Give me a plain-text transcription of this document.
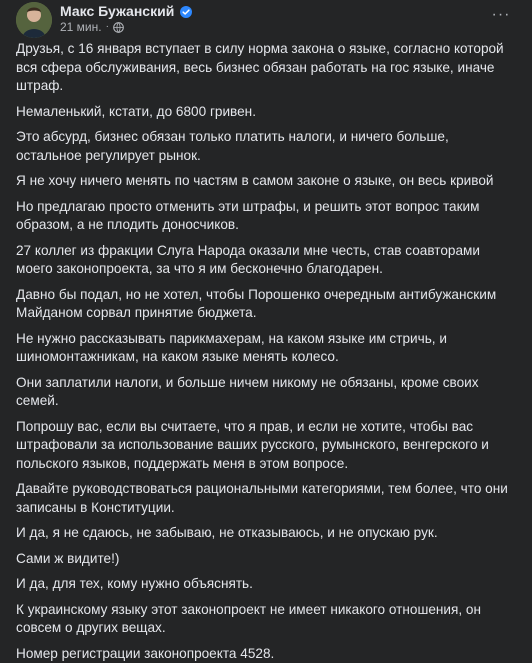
Макс Бужанский
21 мин. ·
···

Друзья, с 16 января вступает в силу норма закона о языке, согласно которой вся сфера обслуживания, весь бизнес обязан работать на гос языке, иначе штраф.

Немаленький, кстати, до 6800 гривен.

Это абсурд, бизнес обязан только платить налоги, и ничего больше, остальное регулирует рынок.

Я не хочу ничего менять по частям в самом законе о языке, он весь кривой

Но предлагаю просто отменить эти штрафы, и решить этот вопрос таким образом, а не плодить доносчиков.

27 коллег из фракции Слуга Народа оказали мне честь, став соавторами моего законопроекта, за что я им бесконечно благодарен.

Давно бы подал, но не хотел, чтобы Порошенко очередным антибужанским Майданом сорвал принятие бюджета.

Не нужно рассказывать парикмахерам, на каком языке им стричь, и шиномонтажникам, на каком языке менять колесо.

Они заплатили налоги, и больше ничем никому не обязаны, кроме своих семей.

Попрошу вас, если вы считаете, что я прав, и если не хотите, чтобы вас штрафовали за использование ваших русского, румынского, венгерского и польского языков, поддержать меня в этом вопросе.

Давайте руководствоваться рациональными категориями, тем более, что они записаны в Конституции.

И да, я не сдаюсь, не забываю, не отказываюсь, и не опускаю рук.

Сами ж видите!)

И да, для тех, кому нужно объяснять.

К украинскому языку этот законопроект не имеет никакого отношения, он совсем о других вещах.

Номер регистрации законопроекта 4528.
